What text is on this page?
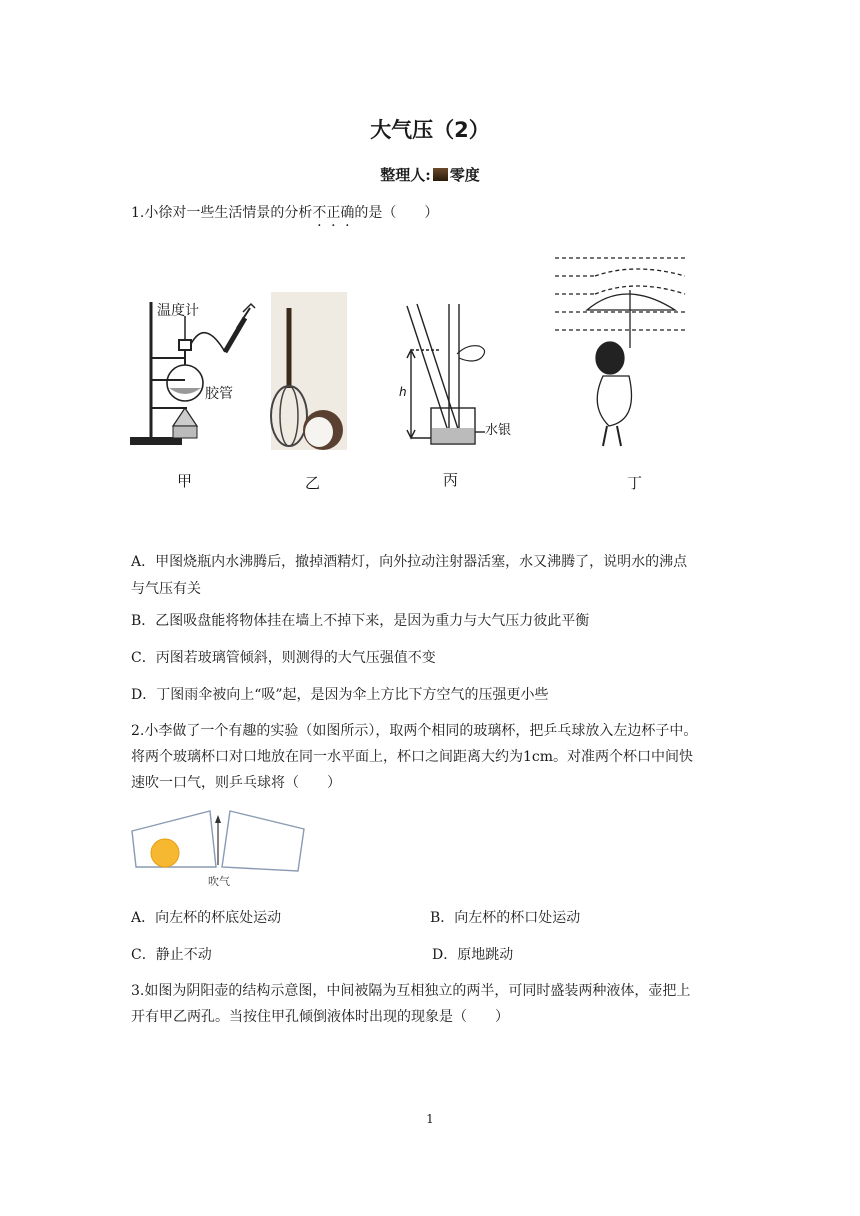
大气压（2）
整理人: 零度
1.小徐对一些生活情景的分析不正确的是（　　）
温度计
胶管	h
水银
甲	乙	丙	丁
A．甲图烧瓶内水沸腾后，撤掉酒精灯，向外拉动注射器活塞，水又沸腾了，说明水的沸点
与气压有关
B．乙图吸盘能将物体挂在墙上不掉下来，是因为重力与大气压力彼此平衡
C．丙图若玻璃管倾斜，则测得的大气压强值不变
D．丁图雨伞被向上“吸”起，是因为伞上方比下方空气的压强更小些
2.小李做了一个有趣的实验（如图所示），取两个相同的玻璃杯，把乒乓球放入左边杯子中。
将两个玻璃杯口对口地放在同一水平面上，杯口之间距离大约为1cm。对准两个杯口中间快
速吹一口气，则乒乓球将（　　）
吹气
A．向左杯的杯底处运动	B．向左杯的杯口处运动
C．静止不动	D．原地跳动
3.如图为阴阳壶的结构示意图，中间被隔为互相独立的两半，可同时盛装两种液体，壶把上
开有甲乙两孔。当按住甲孔倾倒液体时出现的现象是（　　）
1
